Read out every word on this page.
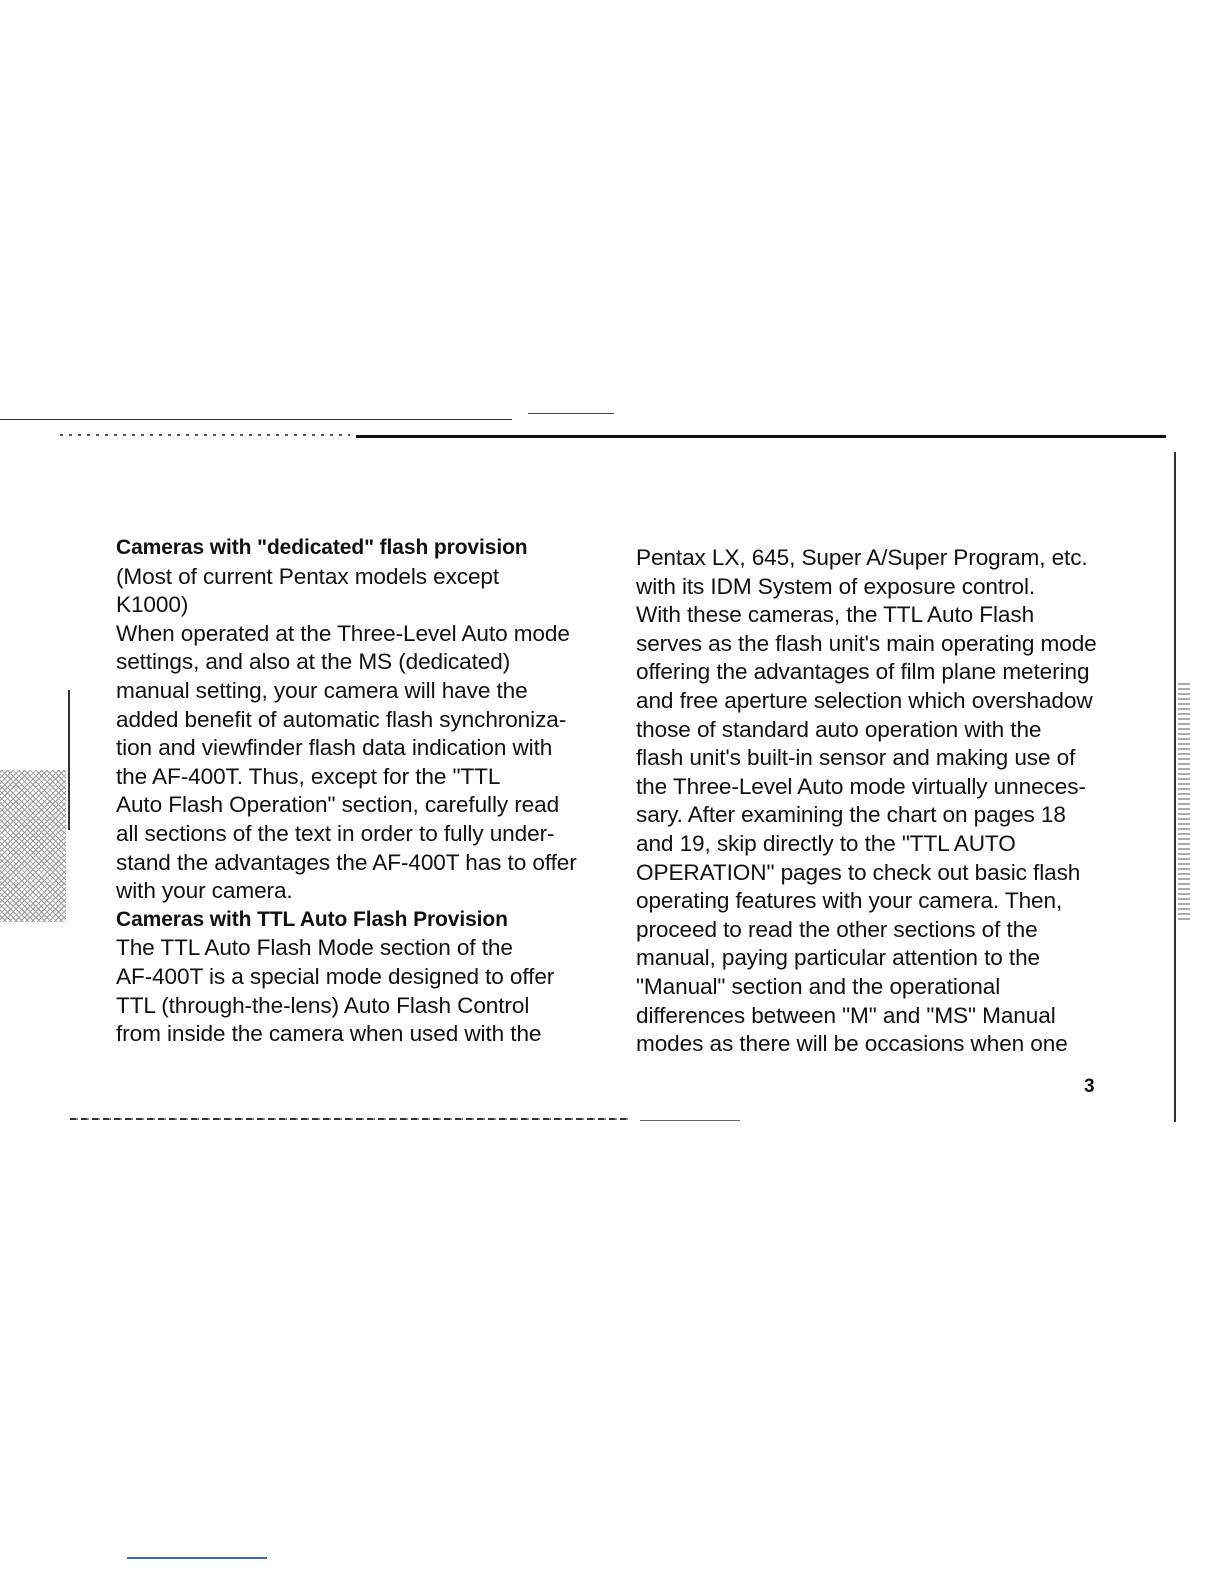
Cameras with "dedicated" flash provision
(Most of current Pentax models except
K1000)
When operated at the Three-Level Auto mode
settings, and also at the MS (dedicated)
manual setting, your camera will have the
added benefit of automatic flash synchroniza-
tion and viewfinder flash data indication with
the AF-400T. Thus, except for the "TTL
Auto Flash Operation" section, carefully read
all sections of the text in order to fully under-
stand the advantages the AF-400T has to offer
with your camera.
Cameras with TTL Auto Flash Provision
The TTL Auto Flash Mode section of the
AF-400T is a special mode designed to offer
TTL (through-the-lens) Auto Flash Control
from inside the camera when used with the
Pentax LX, 645, Super A/Super Program, etc.
with its IDM System of exposure control.
With these cameras, the TTL Auto Flash
serves as the flash unit's main operating mode
offering the advantages of film plane metering
and free aperture selection which overshadow
those of standard auto operation with the
flash unit's built-in sensor and making use of
the Three-Level Auto mode virtually unneces-
sary. After examining the chart on pages 18
and 19, skip directly to the "TTL AUTO
OPERATION" pages to check out basic flash
operating features with your camera. Then,
proceed to read the other sections of the
manual, paying particular attention to the
"Manual" section and the operational
differences between "M" and "MS" Manual
modes as there will be occasions when one
3
